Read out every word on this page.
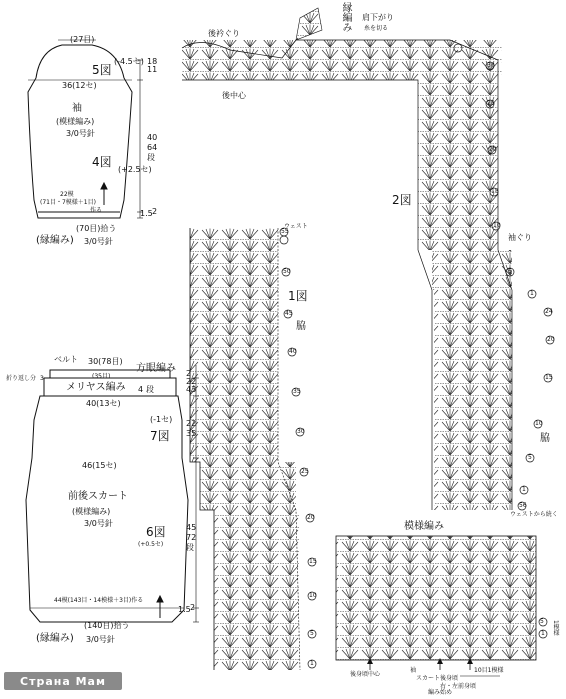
(27目)
(-4.5セ)
5図
36(12セ)
袖
(模様編み)
3/0号針
4図
(+2.5セ)
22模
(71目・7模様＋1目)
作る
(70目)拾う
(縁編み) 3/0号針
18
11
40
64
段
1.5 2
ベルト 30(78目)
方眼編み
折り返し分 3	(35目)
メリヤス編み 4 段
40(13セ)
(-1セ)
7図
46(15セ)
前後スカート
(模様編み)
3/0号針
6図
(+0.5セ)
44模(143目・14模様＋3目)作る
(140目)拾う
(縁編み) 3/0号針
2
22
43
22
35
45
72
段
1.5 2
1図
脇
ウェスト
55
50
45
40
35
30
25
20
15
10
5
1
後衿ぐり
後中心
縁編み 肩下がり
糸を切る
2図
袖ぐり
脇
ウェストから続く
30
25
20
15
10
5
1
24
20
15
10
5
1
56
模様編み
後身頃中心
袖
スカート 後身頃
右・左前身頃
編み始め
10目1模様
5
1 1模様
Страна Мам
